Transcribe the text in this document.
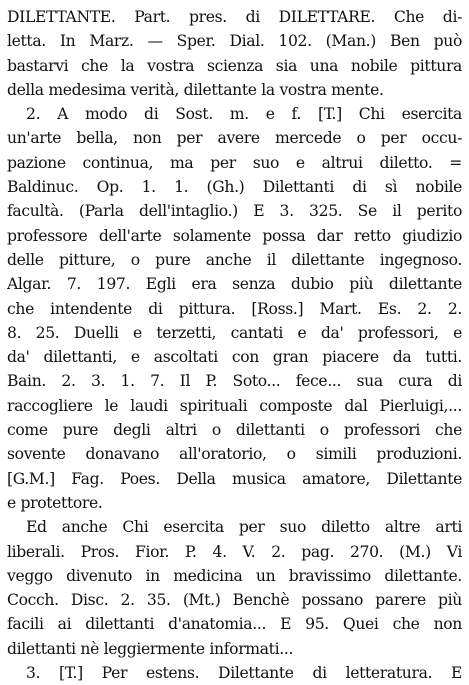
DILETTANTE. Part. pres. di DILETTARE. Che di-
letta. In Marz. — Sper. Dial. 102. (Man.) Ben può
bastarvi che la vostra scienza sia una nobile pittura
della medesima verità, dilettante la vostra mente.
2. A modo di Sost. m. e f. [T.] Chi esercita
un'arte bella, non per avere mercede o per occu-
pazione continua, ma per suo e altrui diletto. =
Baldinuc. Op. 1. 1. (Gh.) Dilettanti di sì nobile
facultà. (Parla dell'intaglio.) E 3. 325. Se il perito
professore dell'arte solamente possa dar retto giudizio
delle pitture, o pure anche il dilettante ingegnoso.
Algar. 7. 197. Egli era senza dubio più dilettante
che intendente di pittura. [Ross.] Mart. Es. 2. 2.
8. 25. Duelli e terzetti, cantati e da' professori, e
da' dilettanti, e ascoltati con gran piacere da tutti.
Bain. 2. 3. 1. 7. Il P. Soto... fece... sua cura di
raccogliere le laudi spirituali composte dal Pierluigi,...
come pure degli altri o dilettanti o professori che
sovente donavano all'oratorio, o simili produzioni.
[G.M.] Fag. Poes. Della musica amatore, Dilettante
e protettore.
Ed anche Chi esercita per suo diletto altre arti
liberali. Pros. Fior. P. 4. V. 2. pag. 270. (M.) Vi
veggo divenuto in medicina un bravissimo dilettante.
Cocch. Disc. 2. 35. (Mt.) Benchè possano parere più
facili ai dilettanti d'anatomia... E 95. Quei che non
dilettanti nè leggiermente informati...
3. [T.] Per estens. Dilettante di letteratura. E
